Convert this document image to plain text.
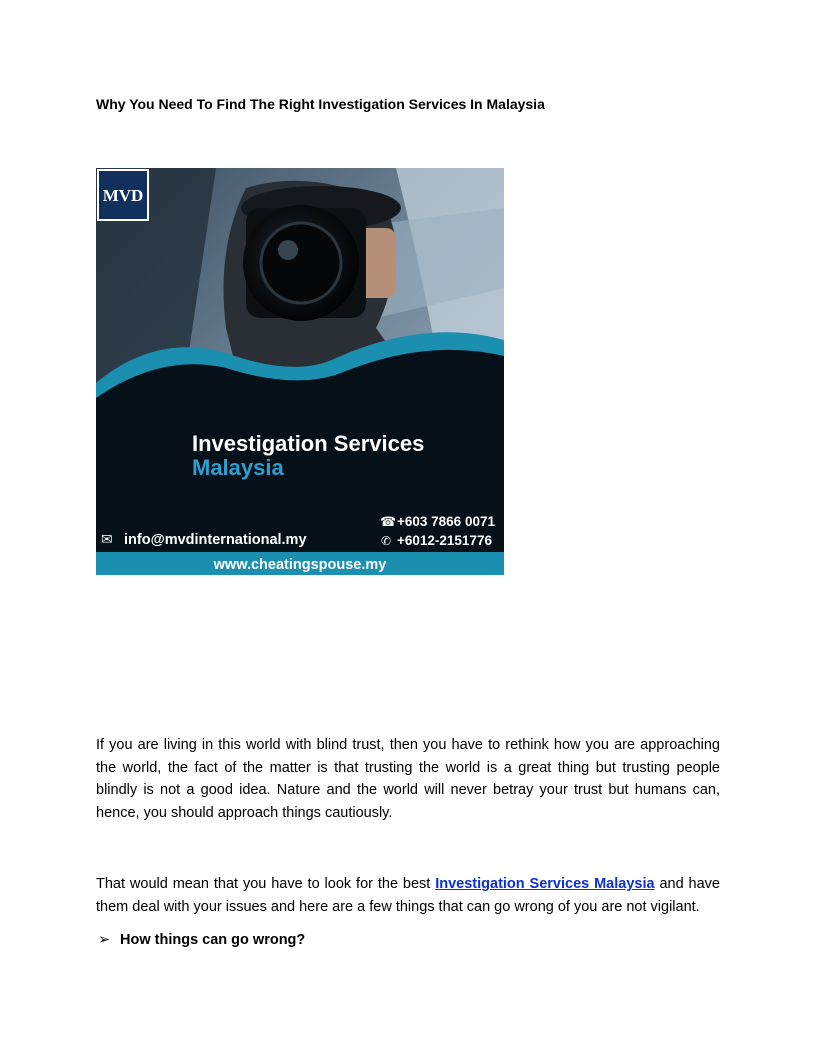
Why You Need To Find The Right Investigation Services In Malaysia
MVD
Investigation Services
Malaysia
☎ +603 7866 0071
✆ +6012-2151776
✉ info@mvdinternational.my
www.cheatingspouse.my
If you are living in this world with blind trust, then you have to rethink how you are approaching the world, the fact of the matter is that trusting the world is a great thing but trusting people blindly is not a good idea. Nature and the world will never betray your trust but humans can, hence, you should approach things cautiously.
That would mean that you have to look for the best Investigation Services Malaysia and have them deal with your issues and here are a few things that can go wrong of you are not vigilant.
➢ How things can go wrong?
